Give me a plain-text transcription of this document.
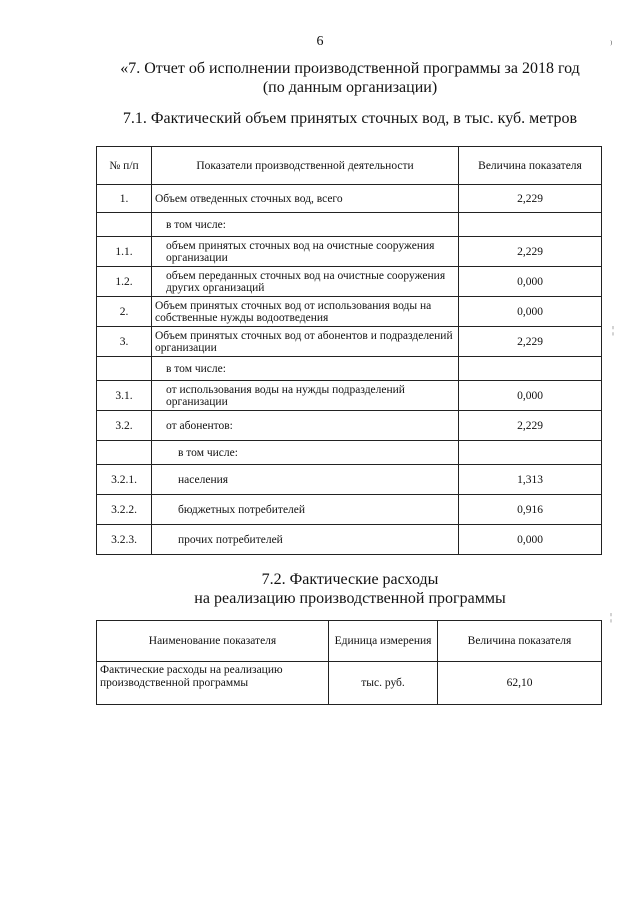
6
«7. Отчет об исполнении производственной программы за 2018 год
(по данным организации)
7.1. Фактический объем принятых сточных вод, в тыс. куб. метров
№ п/п	Показатели производственной деятельности	Величина показателя
1.	Объем отведенных сточных вод, всего	2,229
	в том числе:	
1.1.	объем принятых сточных вод на очистные сооружения организации	2,229
1.2.	объем переданных сточных вод на очистные сооружения других организаций	0,000
2.	Объем принятых сточных вод от использования воды на собственные нужды водоотведения	0,000
3.	Объем принятых сточных вод от абонентов и подразделений организации	2,229
	в том числе:	
3.1.	от использования воды на нужды подразделений организации	0,000
3.2.	от абонентов:	2,229
	в том числе:	
3.2.1.	населения	1,313
3.2.2.	бюджетных потребителей	0,916
3.2.3.	прочих потребителей	0,000
7.2. Фактические расходы
на реализацию производственной программы
Наименование показателя	Единица измерения	Величина показателя
Фактические расходы на реализацию производственной программы	тыс. руб.	62,10
⁾
¦
¦
